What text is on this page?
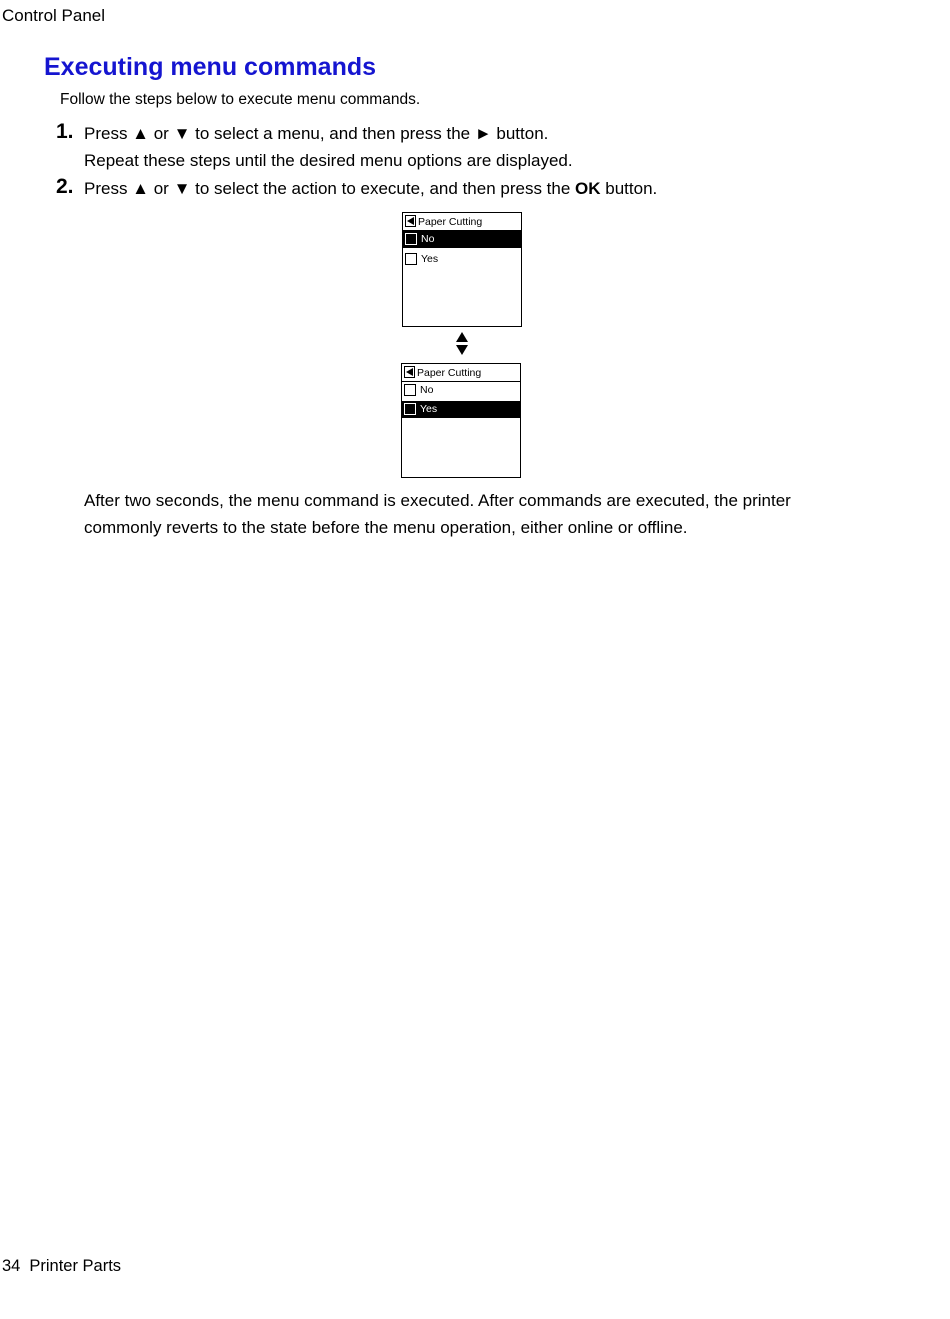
Control Panel
Executing menu commands
Follow the steps below to execute menu commands.
1. Press ▲ or ▼ to select a menu, and then press the ► button.
Repeat these steps until the desired menu options are displayed.
2. Press ▲ or ▼ to select the action to execute, and then press the OK button.
Paper Cutting
No
Yes
Paper Cutting
No
Yes
After two seconds, the menu command is executed. After commands are executed, the printer
commonly reverts to the state before the menu operation, either online or offline.
34 Printer Parts
